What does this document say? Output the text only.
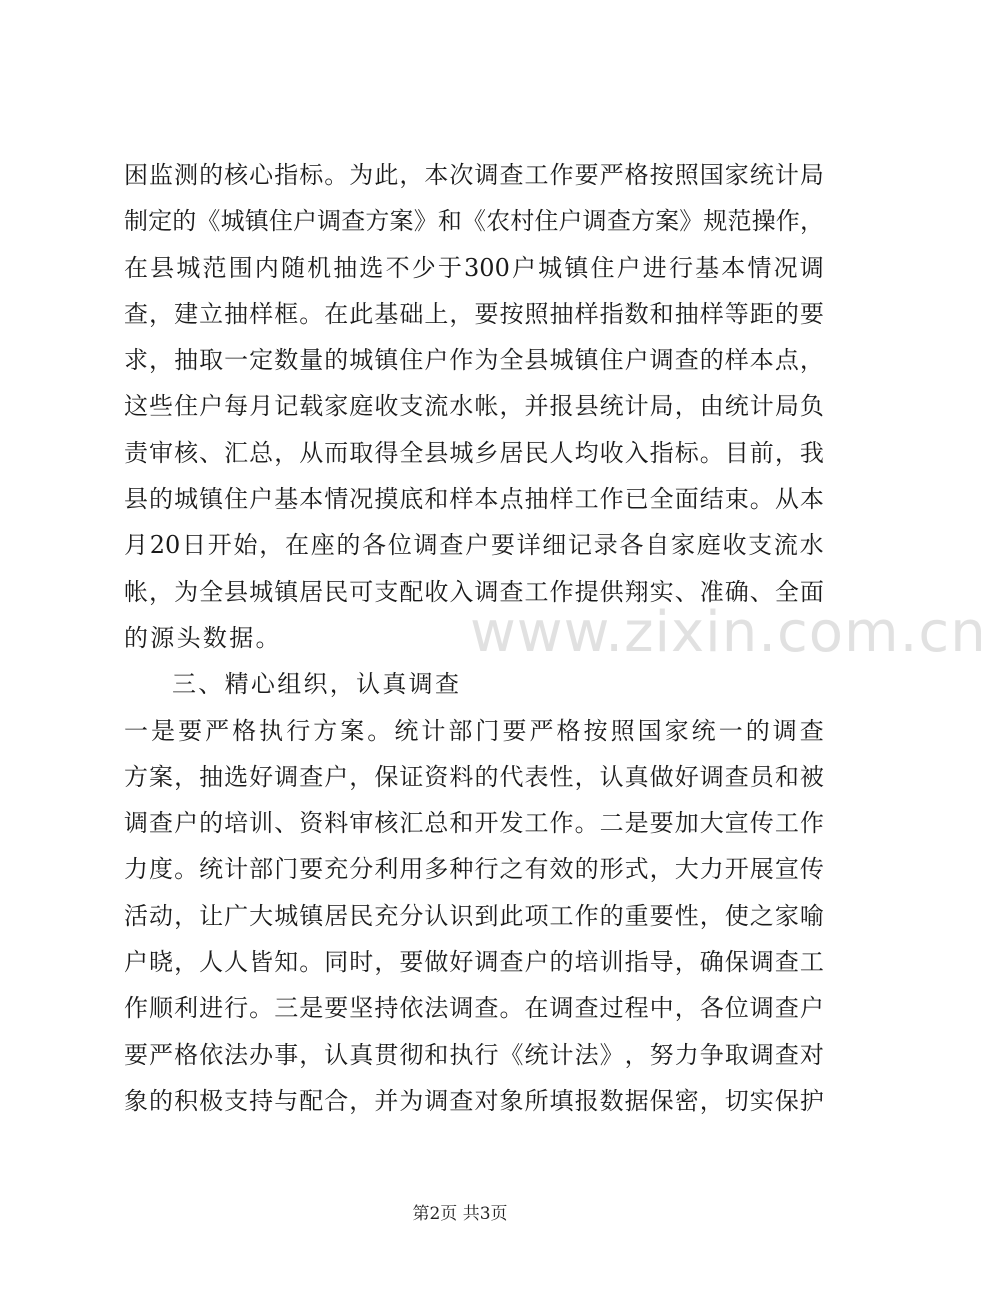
困 监 测 的 核 心 指 标 。 为 此 ， 本 次 调 查 工 作 要 严 格 按 照 国 家 统 计 局
制 定 的 《 城 镇 住 户 调 查 方 案 》 和 《 农 村 住 户 调 查 方 案 》 规 范 操 作 ，
在 县 城 范 围 内 随 机 抽 选 不 少 于 300 户 城 镇 住 户 进 行 基 本 情 况 调
查 ， 建 立 抽 样 框 。 在 此 基 础 上 ， 要 按 照 抽 样 指 数 和 抽 样 等 距 的 要
求 ， 抽 取 一 定 数 量 的 城 镇 住 户 作 为 全 县 城 镇 住 户 调 查 的 样 本 点 ，
这 些 住 户 每 月 记 载 家 庭 收 支 流 水 帐 ， 并 报 县 统 计 局 ， 由 统 计 局 负
责 审 核 、 汇 总 ， 从 而 取 得 全 县 城 乡 居 民 人 均 收 入 指 标 。 目 前 ， 我
县 的 城 镇 住 户 基 本 情 况 摸 底 和 样 本 点 抽 样 工 作 已 全 面 结 束 。 从 本
月 20 日 开 始 ， 在 座 的 各 位 调 查 户 要 详 细 记 录 各 自 家 庭 收 支 流 水
帐 ， 为 全 县 城 镇 居 民 可 支 配 收 入 调 查 工 作 提 供 翔 实 、 准 确 、 全 面
的 源 头 数 据 。
三 、 精 心 组 织 ， 认 真 调 查
一 是 要 严 格 执 行 方 案 。 统 计 部 门 要 严 格 按 照 国 家 统 一 的 调 查
方 案 ， 抽 选 好 调 查 户 ， 保 证 资 料 的 代 表 性 ， 认 真 做 好 调 查 员 和 被
调 查 户 的 培 训 、 资 料 审 核 汇 总 和 开 发 工 作 。 二 是 要 加 大 宣 传 工 作
力 度 。 统 计 部 门 要 充 分 利 用 多 种 行 之 有 效 的 形 式 ， 大 力 开 展 宣 传
活 动 ， 让 广 大 城 镇 居 民 充 分 认 识 到 此 项 工 作 的 重 要 性 ， 使 之 家 喻
户 晓 ， 人 人 皆 知 。 同 时 ， 要 做 好 调 查 户 的 培 训 指 导 ， 确 保 调 查 工
作 顺 利 进 行 。 三 是 要 坚 持 依 法 调 查 。 在 调 查 过 程 中 ， 各 位 调 查 户
要 严 格 依 法 办 事 ， 认 真 贯 彻 和 执 行 《 统 计 法 》 ， 努 力 争 取 调 查 对
象 的 积 极 支 持 与 配 合 ， 并 为 调 查 对 象 所 填 报 数 据 保 密 ， 切 实 保 护
www.zixin.com.cn
第2页 共3页
